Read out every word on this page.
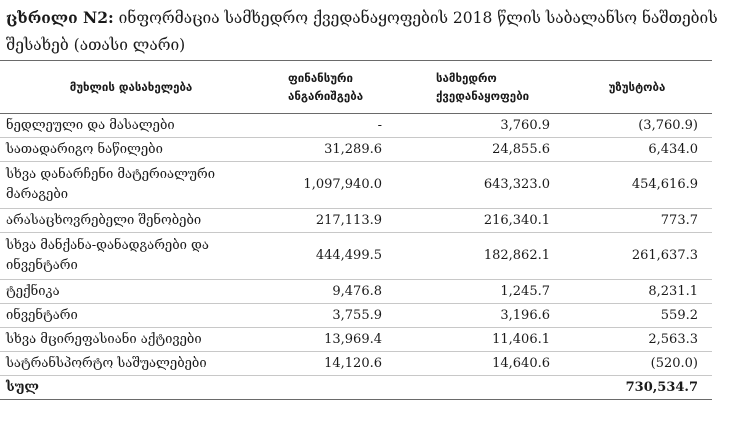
ცხრილი N2: ინფორმაცია სამხედრო ქვედანაყოფების 2018 წლის საბალანსო ნაშთების შესახებ (ათასი ლარი)
მუხლის დასახელება	ფინანსური ანგარიშგება	სამხედრო ქვედანაყოფები	უზუსტობა
ნედლეული და მასალები	-	3,760.9	(3,760.9)
სათადარიგო ნაწილები	31,289.6	24,855.6	6,434.0
სხვა დანარჩენი მატერიალური მარაგები	1,097,940.0	643,323.0	454,616.9
არასაცხოვრებელი შენობები	217,113.9	216,340.1	773.7
სხვა მანქანა-დანადგარები და ინვენტარი	444,499.5	182,862.1	261,637.3
ტექნიკა	9,476.8	1,245.7	8,231.1
ინვენტარი	3,755.9	3,196.6	559.2
სხვა მცირეფასიანი აქტივები	13,969.4	11,406.1	2,563.3
სატრანსპორტო საშუალებები	14,120.6	14,640.6	(520.0)
სულ			730,534.7
